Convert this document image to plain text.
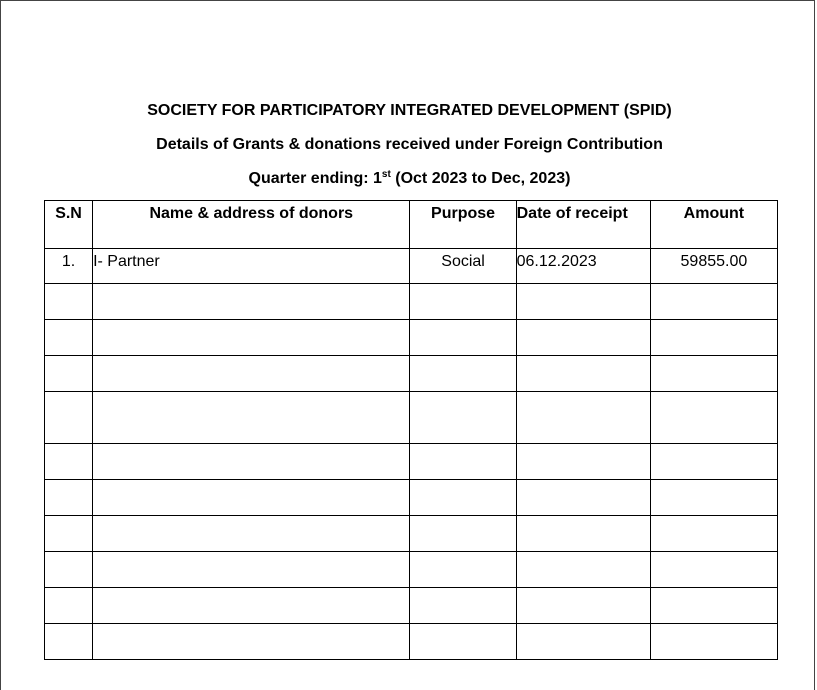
SOCIETY FOR PARTICIPATORY INTEGRATED DEVELOPMENT (SPID)
Details of Grants & donations received under Foreign Contribution
Quarter ending: 1st (Oct 2023 to Dec, 2023)
S.N	Name & address of donors	Purpose	Date of receipt	Amount
1.	I- Partner	Social	06.12.2023	59855.00
